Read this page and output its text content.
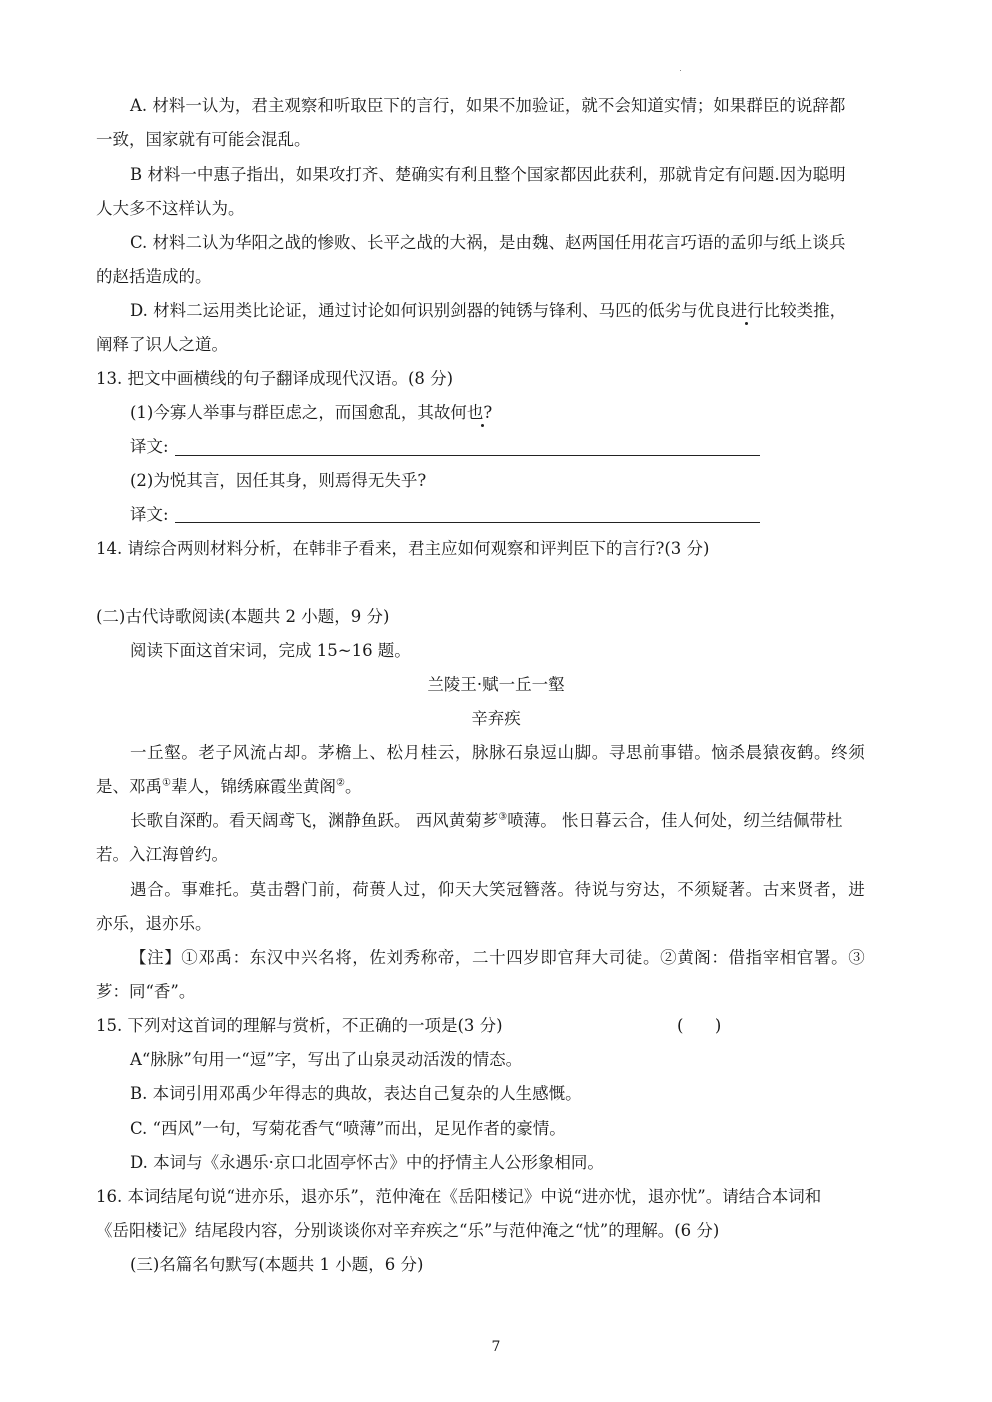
A. 材料一认为，君主观察和听取臣下的言行，如果不加验证，就不会知道实情；如果群臣的说辞都
一致，国家就有可能会混乱。
B 材料一中惠子指出，如果攻打齐、楚确实有利且整个国家都因此获利，那就肯定有问题.因为聪明
人大多不这样认为。
C. 材料二认为华阳之战的惨败、长平之战的大祸，是由魏、赵两国任用花言巧语的孟卯与纸上谈兵
的赵括造成的。
D. 材料二运用类比论证，通过讨论如何识别剑器的钝锈与锋利、马匹的低劣与优良进行比较类推，
阐释了识人之道。
13. 把文中画横线的句子翻译成现代汉语。(8 分)
(1)今寡人举事与群臣虑之，而国愈乱，其故何也?
译文:
(2)为悦其言，因任其身，则焉得无失乎?
译文:
14. 请综合两则材料分析，在韩非子看来，君主应如何观察和评判臣下的言行?(3 分)
(二)古代诗歌阅读(本题共 2 小题，9 分)
阅读下面这首宋词，完成 15~16 题。
兰陵王·赋一丘一壑
辛弃疾
一丘壑。老子风流占却。茅檐上、松月桂云，脉脉石泉逗山脚。寻思前事错。恼杀晨猿夜鹤。终须
是、邓禹①辈人，锦绣麻霞坐黄阁②。
长歌自深酌。看天阔鸢飞，渊静鱼跃。 西风黄菊芗③喷薄。 怅日暮云合，佳人何处，纫兰结佩带杜
若。入江海曾约。
遇合。事难托。莫击磬门前，荷蒉人过，仰天大笑冠簪落。待说与穷达，不须疑著。古来贤者，进
亦乐，退亦乐。
【注】①邓禹：东汉中兴名将，佐刘秀称帝，二十四岁即官拜大司徒。②黄阁：借指宰相官署。③
芗：同“香”。
15. 下列对这首词的理解与赏析，不正确的一项是(3 分)	(      )
A“脉脉”句用一“逗”字，写出了山泉灵动活泼的情态。
B. 本词引用邓禹少年得志的典故，表达自己复杂的人生感慨。
C. “西风”一句，写菊花香气“喷薄”而出，足见作者的豪情。
D. 本词与《永遇乐·京口北固亭怀古》中的抒情主人公形象相同。
16. 本词结尾句说“进亦乐，退亦乐”，范仲淹在《岳阳楼记》中说“进亦忧，退亦忧”。请结合本词和
《岳阳楼记》结尾段内容，分别谈谈你对辛弃疾之“乐”与范仲淹之“忧”的理解。(6 分)
(三)名篇名句默写(本题共 1 小题，6 分)
7
